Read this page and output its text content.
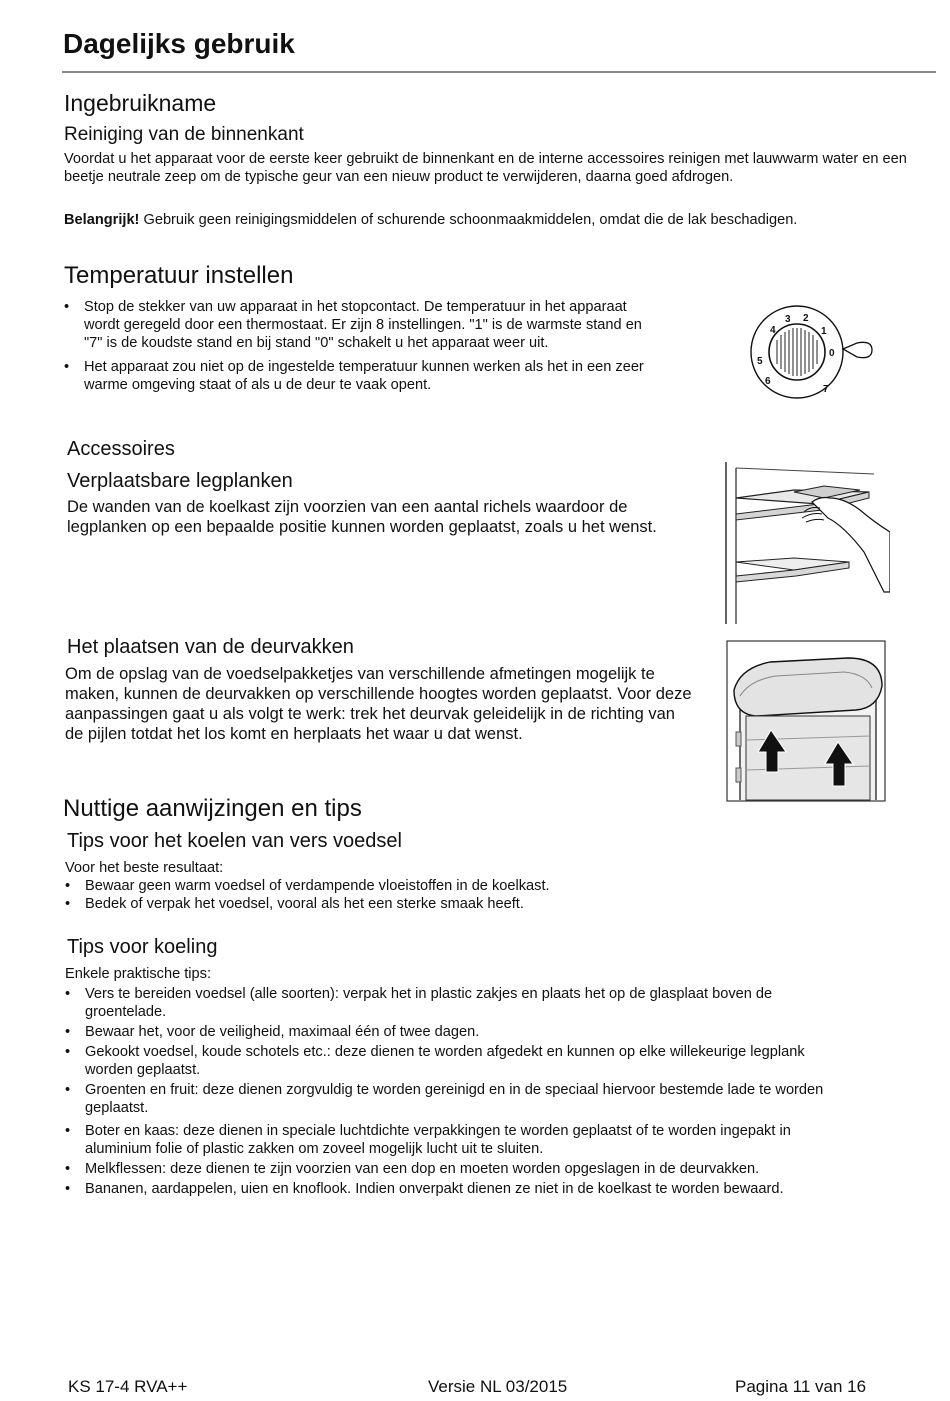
Dagelijks gebruik
Ingebruikname
Reiniging van de binnenkant
Voordat u het apparaat voor de eerste keer gebruikt de binnenkant en de interne accessoires reinigen met lauwwarm water en een beetje neutrale zeep om de typische geur van een nieuw product te verwijderen, daarna goed afdrogen.
Belangrijk! Gebruik geen reinigingsmiddelen of schurende schoonmaakmiddelen, omdat die de lak beschadigen.
Temperatuur instellen
• Stop de stekker van uw apparaat in het stopcontact. De temperatuur in het apparaat wordt geregeld door een thermostaat. Er zijn 8 instellingen. "1" is de warmste stand en "7" is de koudste stand en bij stand "0" schakelt u het apparaat weer uit.
• Het apparaat zou niet op de ingestelde temperatuur kunnen werken als het in een zeer warme omgeving staat of als u de deur te vaak opent.
0
1
2
3
4
5
6
7
Accessoires
Verplaatsbare legplanken
De wanden van de koelkast zijn voorzien van een aantal richels waardoor de legplanken op een bepaalde positie kunnen worden geplaatst, zoals u het wenst.
Het plaatsen van de deurvakken
Om de opslag van de voedselpakketjes van verschillende afmetingen mogelijk te maken, kunnen de deurvakken op verschillende hoogtes worden geplaatst. Voor deze aanpassingen gaat u als volgt te werk: trek het deurvak geleidelijk in de richting van de pijlen totdat het los komt en herplaats het waar u dat wenst.
Nuttige aanwijzingen en tips
Tips voor het koelen van vers voedsel
Voor het beste resultaat:
• Bewaar geen warm voedsel of verdampende vloeistoffen in de koelkast.
• Bedek of verpak het voedsel, vooral als het een sterke smaak heeft.
Tips voor koeling
Enkele praktische tips:
• Vers te bereiden voedsel (alle soorten): verpak het in plastic zakjes en plaats het op de glasplaat boven de groentelade.
• Bewaar het, voor de veiligheid, maximaal één of twee dagen.
• Gekookt voedsel, koude schotels etc.: deze dienen te worden afgedekt en kunnen op elke willekeurige legplank worden geplaatst.
• Groenten en fruit: deze dienen zorgvuldig te worden gereinigd en in de speciaal hiervoor bestemde lade te worden geplaatst.
• Boter en kaas: deze dienen in speciale luchtdichte verpakkingen te worden geplaatst of te worden ingepakt in aluminium folie of plastic zakken om zoveel mogelijk lucht uit te sluiten.
• Melkflessen: deze dienen te zijn voorzien van een dop en moeten worden opgeslagen in de deurvakken.
• Bananen, aardappelen, uien en knoflook. Indien onverpakt dienen ze niet in de koelkast te worden bewaard.
KS 17-4 RVA++	Versie NL 03/2015	Pagina 11 van 16
